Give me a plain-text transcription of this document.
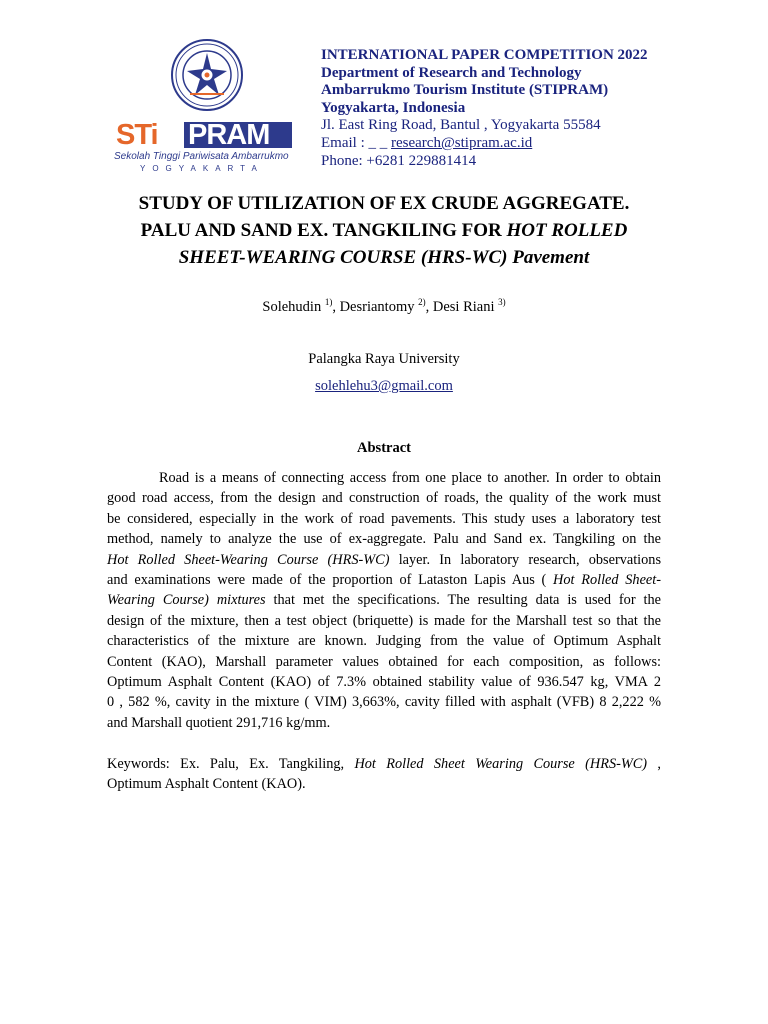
STi PRAM
Sekolah Tinggi Pariwisata Ambarrukmo
YOGYAKARTA
INTERNATIONAL PAPER COMPETITION 2022
Department of Research and Technology
Ambarrukmo Tourism Institute (STIPRAM)
Yogyakarta, Indonesia
Jl. East Ring Road, Bantul , Yogyakarta 55584
Email : _ _ research@stipram.ac.id
Phone: +6281 229881414
STUDY OF UTILIZATION OF EX CRUDE AGGREGATE.
PALU AND SAND EX. TANGKILING FOR HOT ROLLED
SHEET-WEARING COURSE (HRS-WC) Pavement
Solehudin $^{1)}$, Desriantomy $^{2)}$, Desi Riani $^{3)}$
Palangka Raya University
solehlehu3@gmail.com
Abstract
Road is a means of connecting access from one place to another. In order to obtain
good road access, from the design and construction of roads, the quality of the work must
be considered, especially in the work of road pavements. This study uses a laboratory test
method, namely to analyze the use of ex-aggregate. Palu and Sand ex. Tangkiling on the
Hot Rolled Sheet-Wearing Course (HRS-WC) layer. In laboratory research, observations
and examinations were made of the proportion of Lataston Lapis Aus ( Hot Rolled Sheet-
Wearing Course) mixtures that met the specifications. The resulting data is used for the
design of the mixture, then a test object (briquette) is made for the Marshall test so that the
characteristics of the mixture are known. Judging from the value of Optimum Asphalt
Content (KAO), Marshall parameter values obtained for each composition, as follows:
Optimum Asphalt Content (KAO) of 7.3% obtained stability value of 936.547 kg, VMA 2
0 , 582 %, cavity in the mixture ( VIM) 3,663%, cavity filled with asphalt (VFB) 8 2,222 %
and Marshall quotient 291,716 kg/mm.
Keywords: Ex. Palu, Ex. Tangkiling, Hot Rolled Sheet Wearing Course (HRS-WC) ,
Optimum Asphalt Content (KAO).
